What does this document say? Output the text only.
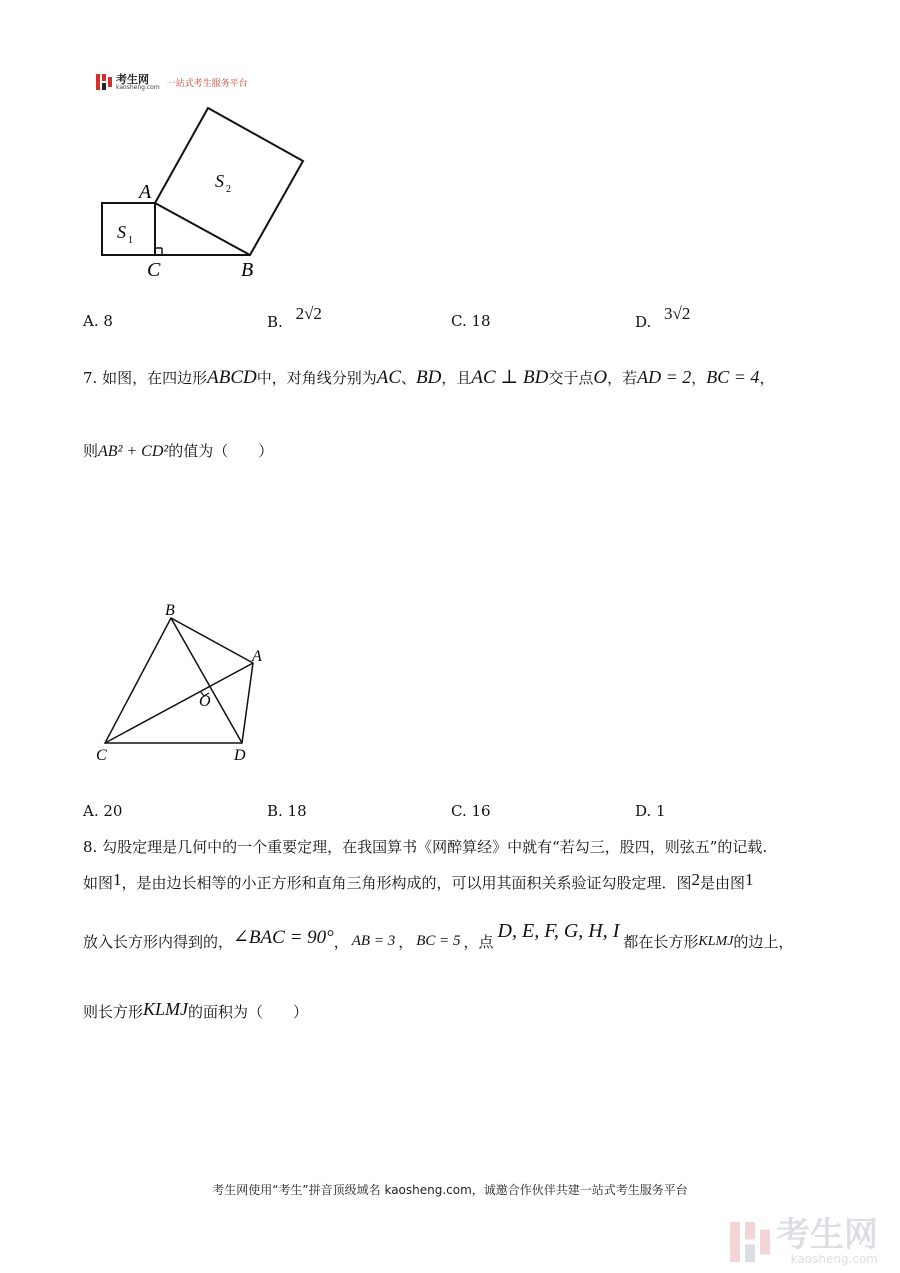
考生网
kaosheng.com 一站式考生服务平台
A
C	B
S 1
S 2
A. 8	B. 2√2	C. 18	D. 3√2
7. 如图，在四边形ABCD中，对角线分别为AC、BD，且AC ⊥ BD交于点O，若AD = 2，BC = 4，
则AB² + CD²的值为（　　）
B
A
O
C	D
A. 20	B. 18	C. 16	D. 1
8. 勾股定理是几何中的一个重要定理，在我国算书《网醉算经》中就有“若勾三，股四，则弦五”的记载.
如图1，是由边长相等的小正方形和直角三角形构成的，可以用其面积关系验证勾股定理．图2是由图1
放入长方形内得到的，∠BAC = 90°， AB = 3 ， BC = 5 ，点 D, E, F, G, H, I 都在长方形KLMJ的边上，
则长方形KLMJ的面积为（　　）
考生网使用“考生”拼音顶级域名 kaosheng.com，诚邀合作伙伴共建一站式考生服务平台
考生网
kaosheng.com
